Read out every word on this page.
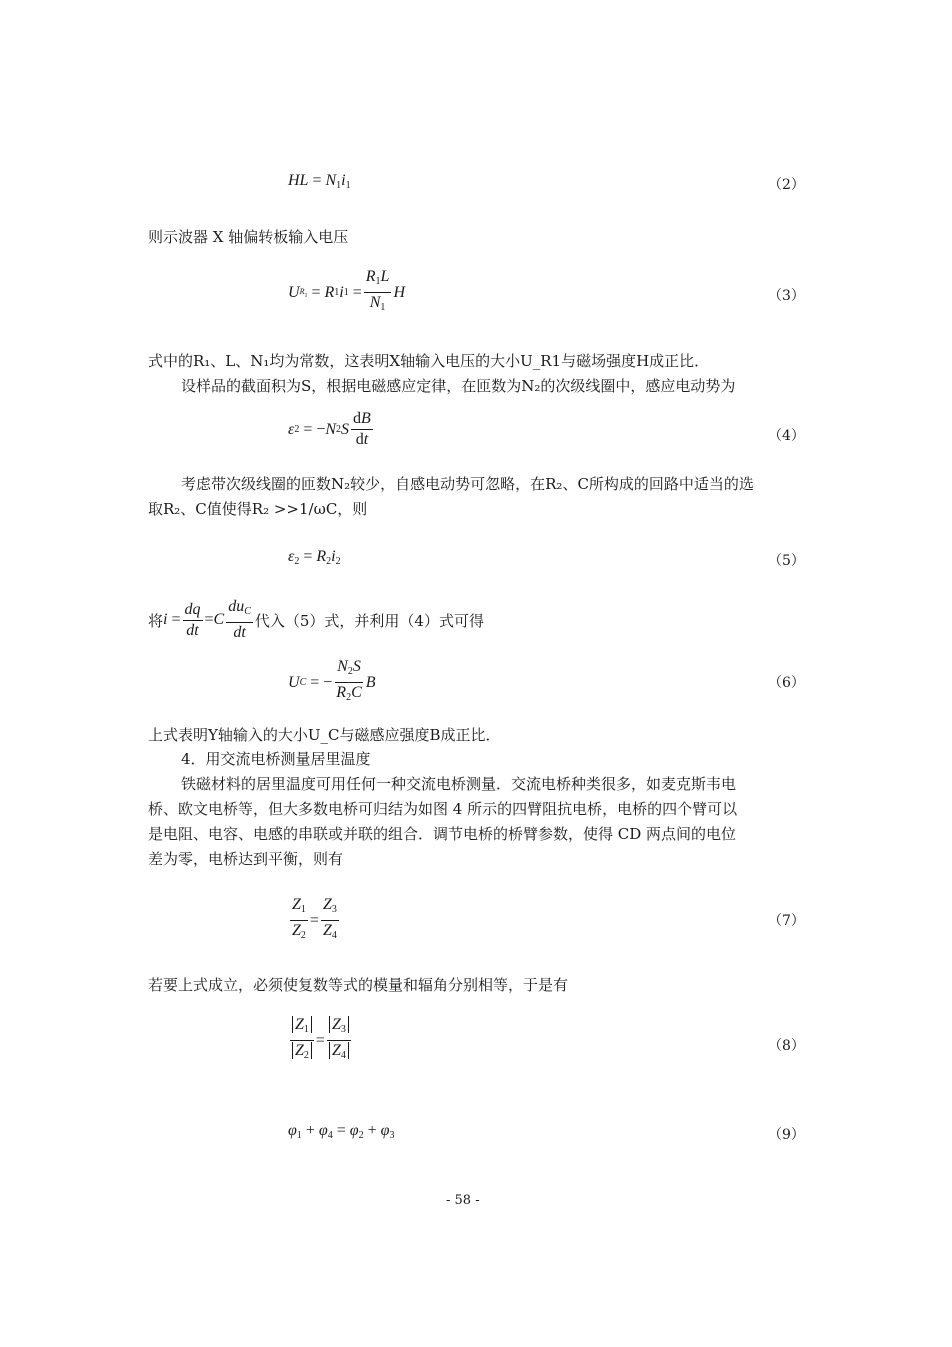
HL = $N_1i_1$	（2）
则示波器 X 轴偏转板输入电压
U $R_1 = R$ 1 i $1 = \frac{R_1L}{N_1}$ H	（3）
式中的R₁、L、N₁均为常数，这表明X轴输入电压的大小U_R1与磁场强度H成正比．
设样品的截面积为S，根据电磁感应定律，在匝数为N₂的次级线圈中，感应电动势为
ε 2 = − N 2 S $\frac{dB}{dt}$	（4）
考虑带次级线圈的匝数N₂较少，自感电动势可忽略，在R₂、C所构成的回路中适当的选
取R₂、C值使得R₂ >>1/ωC，则
$\varepsilon_2 = R_2i_2$	（5）
将 $i = \frac{dq}{dt} = C \frac{du_C}{dt}$ 代入（5）式，并利用（4）式可得
U C = − $\frac{N_2S}{R_2C}$ B	（6）
上式表明Y轴输入的大小U_C与磁感应强度B成正比．
4．用交流电桥测量居里温度
铁磁材料的居里温度可用任何一种交流电桥测量．交流电桥种类很多，如麦克斯韦电
桥、欧文电桥等，但大多数电桥可归结为如图 4 所示的四臂阻抗电桥，电桥的四个臂可以
是电阻、电容、电感的串联或并联的组合．调节电桥的桥臂参数，使得 CD 两点间的电位
差为零，电桥达到平衡，则有
$\frac{Z_1}{Z_2} = \frac{Z_3}{Z_4}$	（7）
若要上式成立，必须使复数等式的模量和辐角分别相等，于是有
$\frac{Z_1}{Z_2} = \frac{Z_3}{Z_4}$	（8）
$\varphi_1 + \varphi_4 = \varphi_2 + \varphi_3$	（9）
- 58 -
